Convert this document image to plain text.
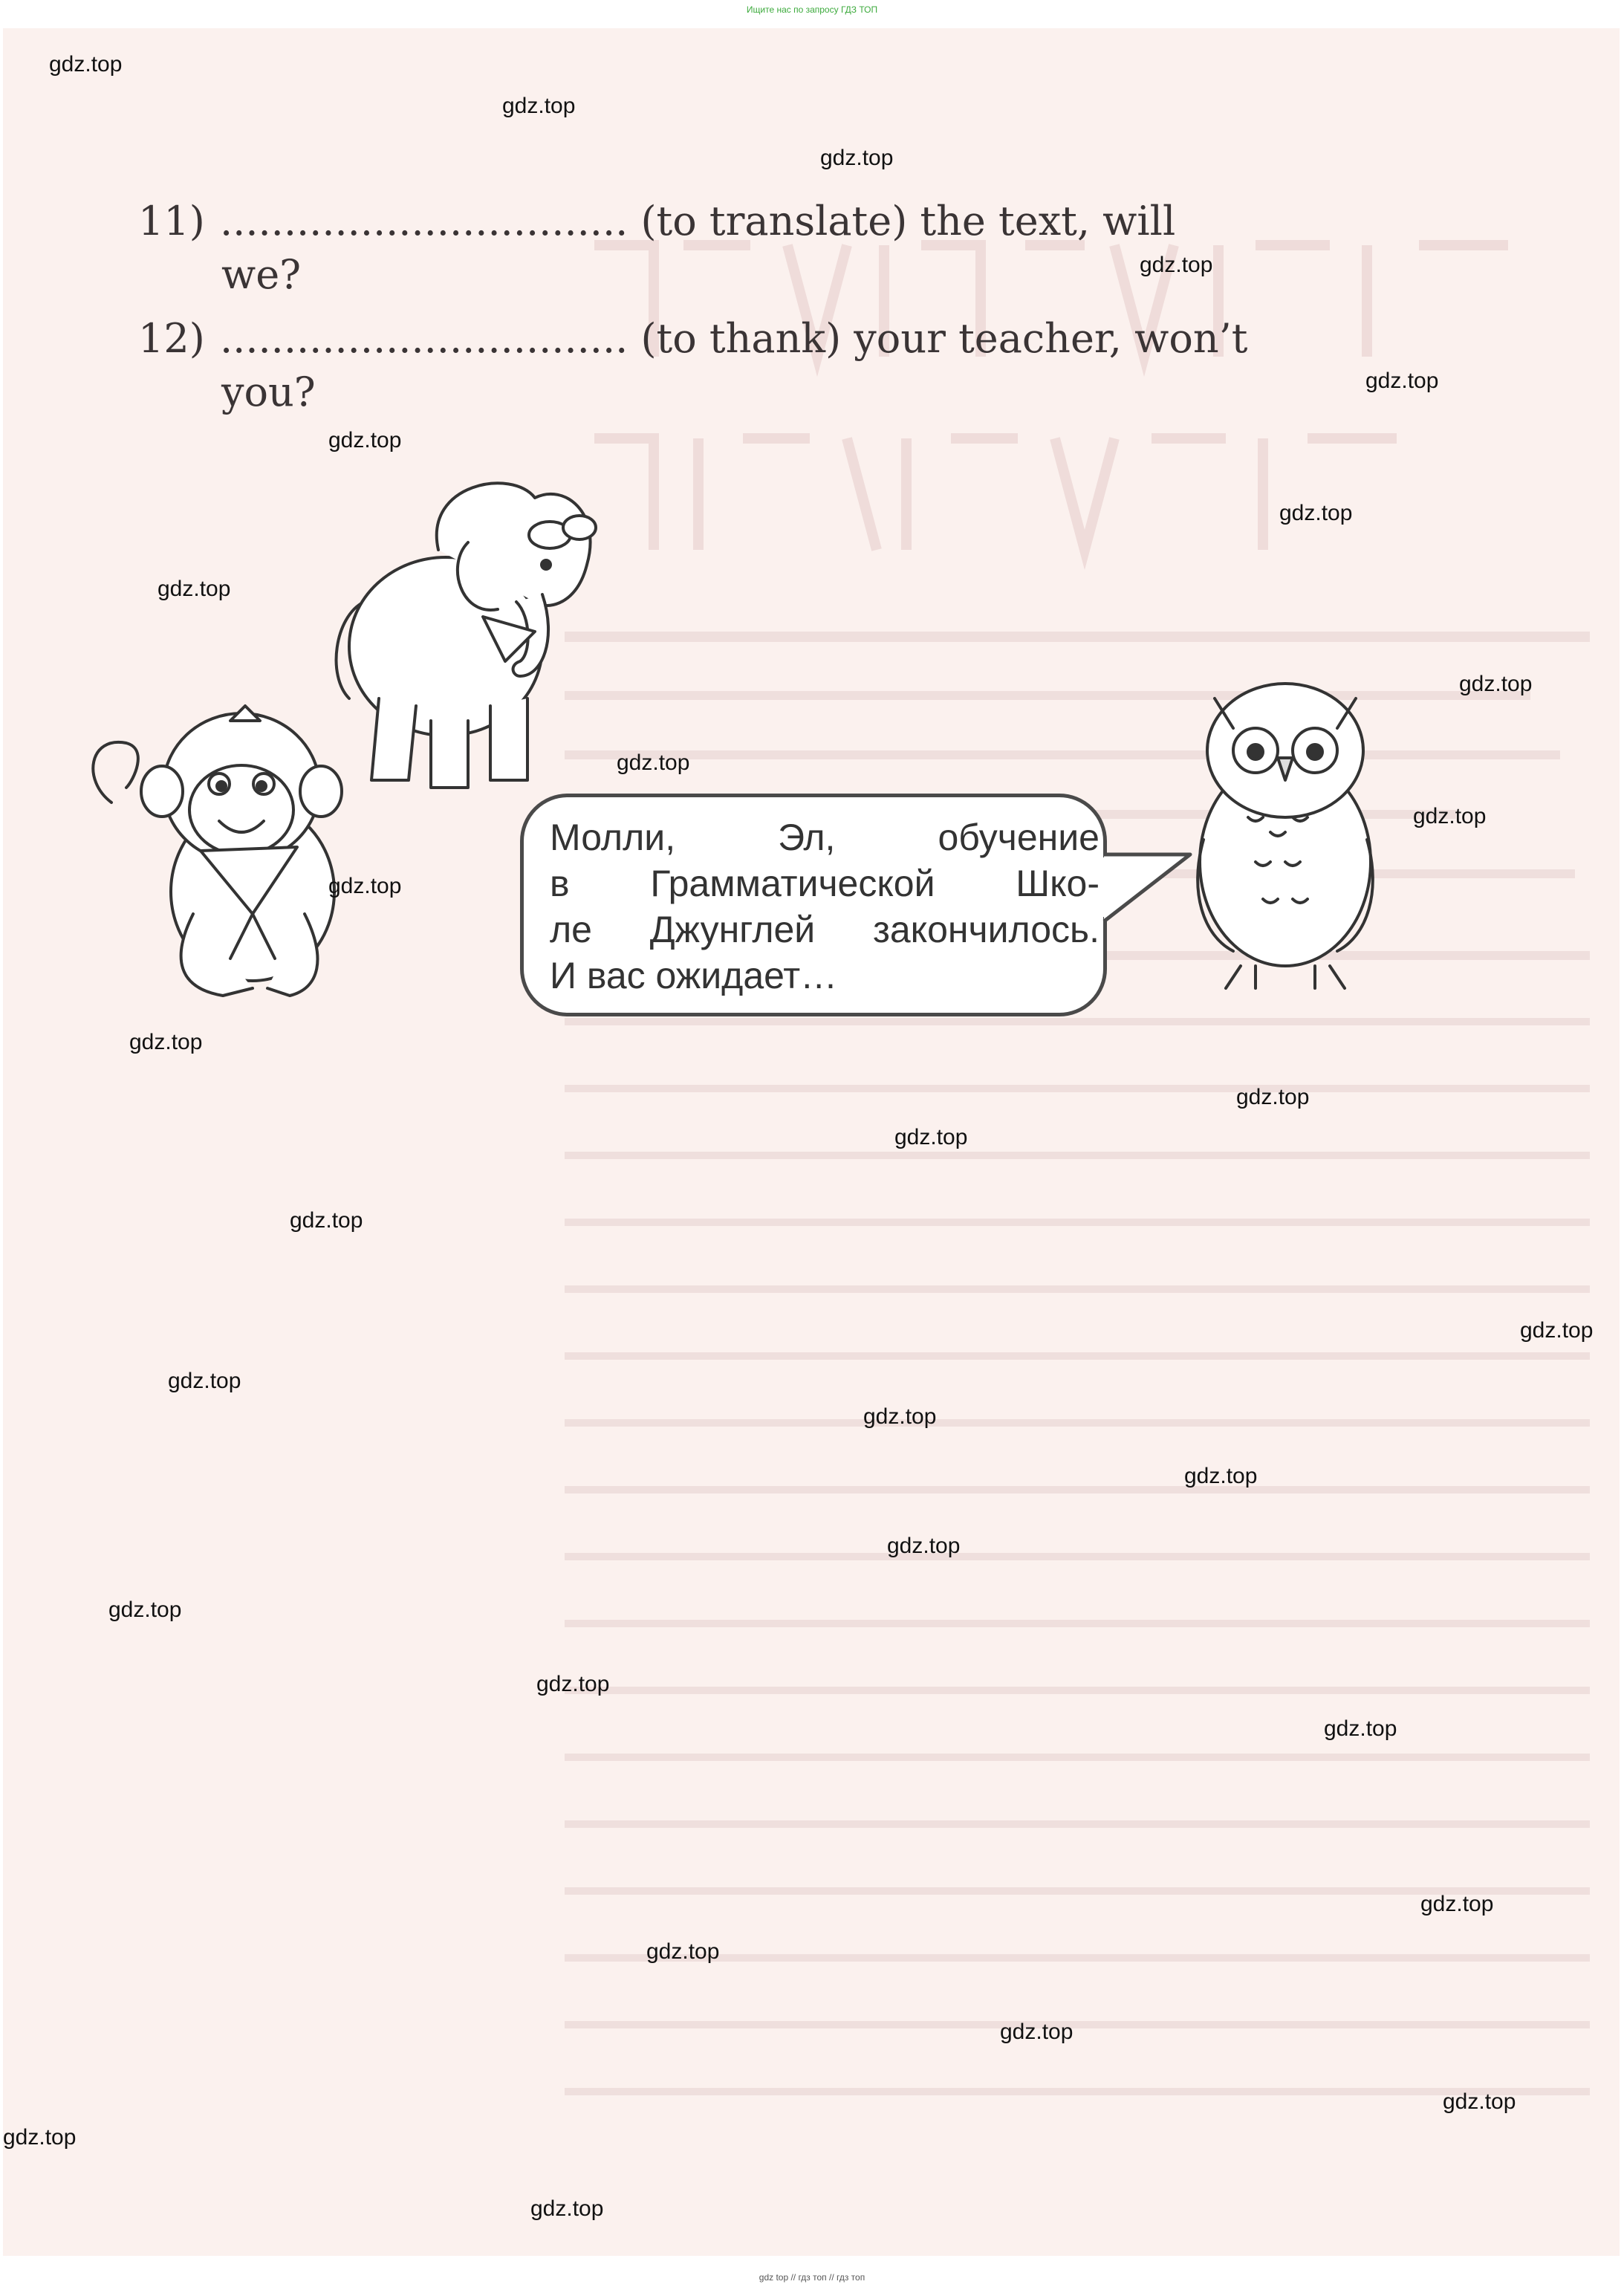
Ищите нас по запросу ГДЗ ТОП
11) ................................ (to translate) the text, will
we?
12) ................................ (to thank) your teacher, won’t
you?
Молли, Эл, обучение
в Грамматической Шко-
ле Джунглей закончилось.
И вас ожидает…
gdz.top
gdz.top
gdz.top
gdz.top
gdz.top
gdz.top
gdz.top
gdz.top
gdz.top
gdz.top
gdz.top
gdz.top
gdz.top
gdz.top
gdz.top
gdz.top
gdz.top
gdz.top
gdz.top
gdz.top
gdz.top
gdz.top
gdz.top
gdz.top
gdz.top
gdz.top
gdz.top
gdz.top
gdz.top
gdz.top
gdz top // гдз топ // гдз топ
